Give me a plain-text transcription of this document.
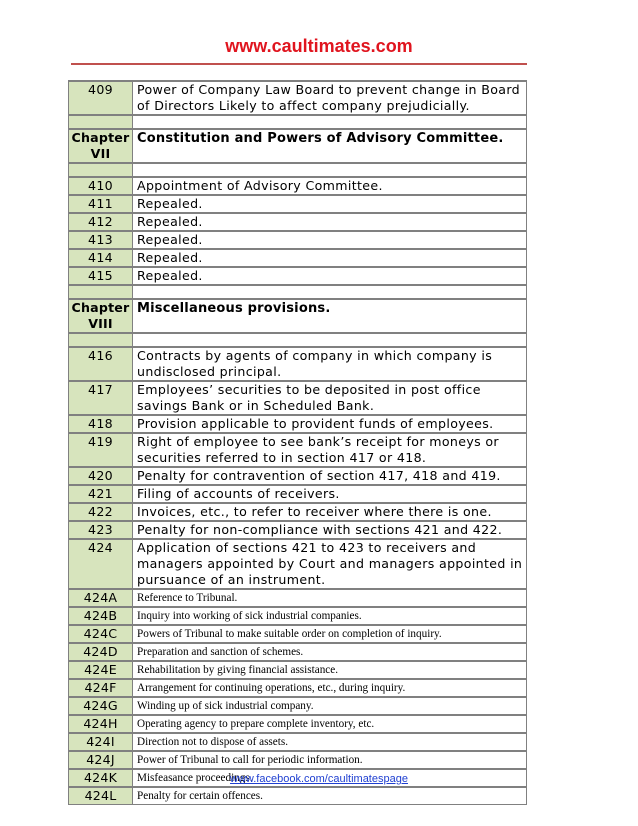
www.caultimates.com
409	Power of Company Law Board to prevent change in Board of Directors Likely to affect company prejudicially.

Chapter VII	Constitution and Powers of Advisory Committee.

410	Appointment of Advisory Committee.
411	Repealed.
412	Repealed.
413	Repealed.
414	Repealed.
415	Repealed.

Chapter VIII	Miscellaneous provisions.

416	Contracts by agents of company in which company is undisclosed principal.
417	Employees’ securities to be deposited in post office savings Bank or in Scheduled Bank.
418	Provision applicable to provident funds of employees.
419	Right of employee to see bank’s receipt for moneys or securities referred to in section 417 or 418.
420	Penalty for contravention of section 417, 418 and 419.
421	Filing of accounts of receivers.
422	Invoices, etc., to refer to receiver where there is one.
423	Penalty for non-compliance with sections 421 and 422.
424	Application of sections 421 to 423 to receivers and managers appointed by Court and managers appointed in pursuance of an instrument.
424A	Reference to Tribunal.
424B	Inquiry into working of sick industrial companies.
424C	Powers of Tribunal to make suitable order on completion of inquiry.
424D	Preparation and sanction of schemes.
424E	Rehabilitation by giving financial assistance.
424F	Arrangement for continuing operations, etc., during inquiry.
424G	Winding up of sick industrial company.
424H	Operating agency to prepare complete inventory, etc.
424I	Direction not to dispose of assets.
424J	Power of Tribunal to call for periodic information.
424K	Misfeasance proceedings.
424L	Penalty for certain offences.
www.facebook.com/caultimatespage
